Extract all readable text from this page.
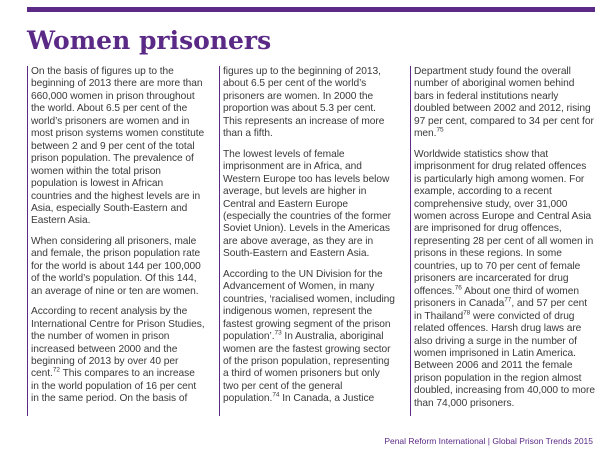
Women prisoners

On the basis of figures up to the beginning of 2013 there are more than 660,000 women in prison throughout the world. About 6.5 per cent of the world’s prisoners are women and in most prison systems women constitute between 2 and 9 per cent of the total prison population. The prevalence of women within the total prison population is lowest in African countries and the highest levels are in Asia, especially South-Eastern and Eastern Asia.

When considering all prisoners, male and female, the prison population rate for the world is about 144 per 100,000 of the world’s population. Of this 144, an average of nine or ten are women.

According to recent analysis by the International Centre for Prison Studies, the number of women in prison increased between 2000 and the beginning of 2013 by over 40 per cent.$^{72}$ This compares to an increase in the world population of 16 per cent in the same period. On the basis of

figures up to the beginning of 2013, about 6.5 per cent of the world’s prisoners are women. In 2000 the proportion was about 5.3 per cent. This represents an increase of more than a fifth.

The lowest levels of female imprisonment are in Africa, and Western Europe too has levels below average, but levels are higher in Central and Eastern Europe (especially the countries of the former Soviet Union). Levels in the Americas are above average, as they are in South-Eastern and Eastern Asia.

According to the UN Division for the Advancement of Women, in many countries, ‘racialised women, including indigenous women, represent the fastest growing segment of the prison population’.$^{73}$ In Australia, aboriginal women are the fastest growing sector of the prison population, representing a third of women prisoners but only two per cent of the general population.$^{74}$ In Canada, a Justice

Department study found the overall number of aboriginal women behind bars in federal institutions nearly doubled between 2002 and 2012, rising 97 per cent, compared to 34 per cent for men.$^{75}$

Worldwide statistics show that imprisonment for drug related offences is particularly high among women. For example, according to a recent comprehensive study, over 31,000 women across Europe and Central Asia are imprisoned for drug offences, representing 28 per cent of all women in prisons in these regions. In some countries, up to 70 per cent of female prisoners are incarcerated for drug offences.$^{76}$ About one third of women prisoners in Canada$^{77}$, and 57 per cent in Thailand$^{78}$ were convicted of drug related offences. Harsh drug laws are also driving a surge in the number of women imprisoned in Latin America. Between 2006 and 2011 the female prison population in the region almost doubled, increasing from 40,000 to more than 74,000 prisoners.

Penal Reform International | Global Prison Trends 2015
